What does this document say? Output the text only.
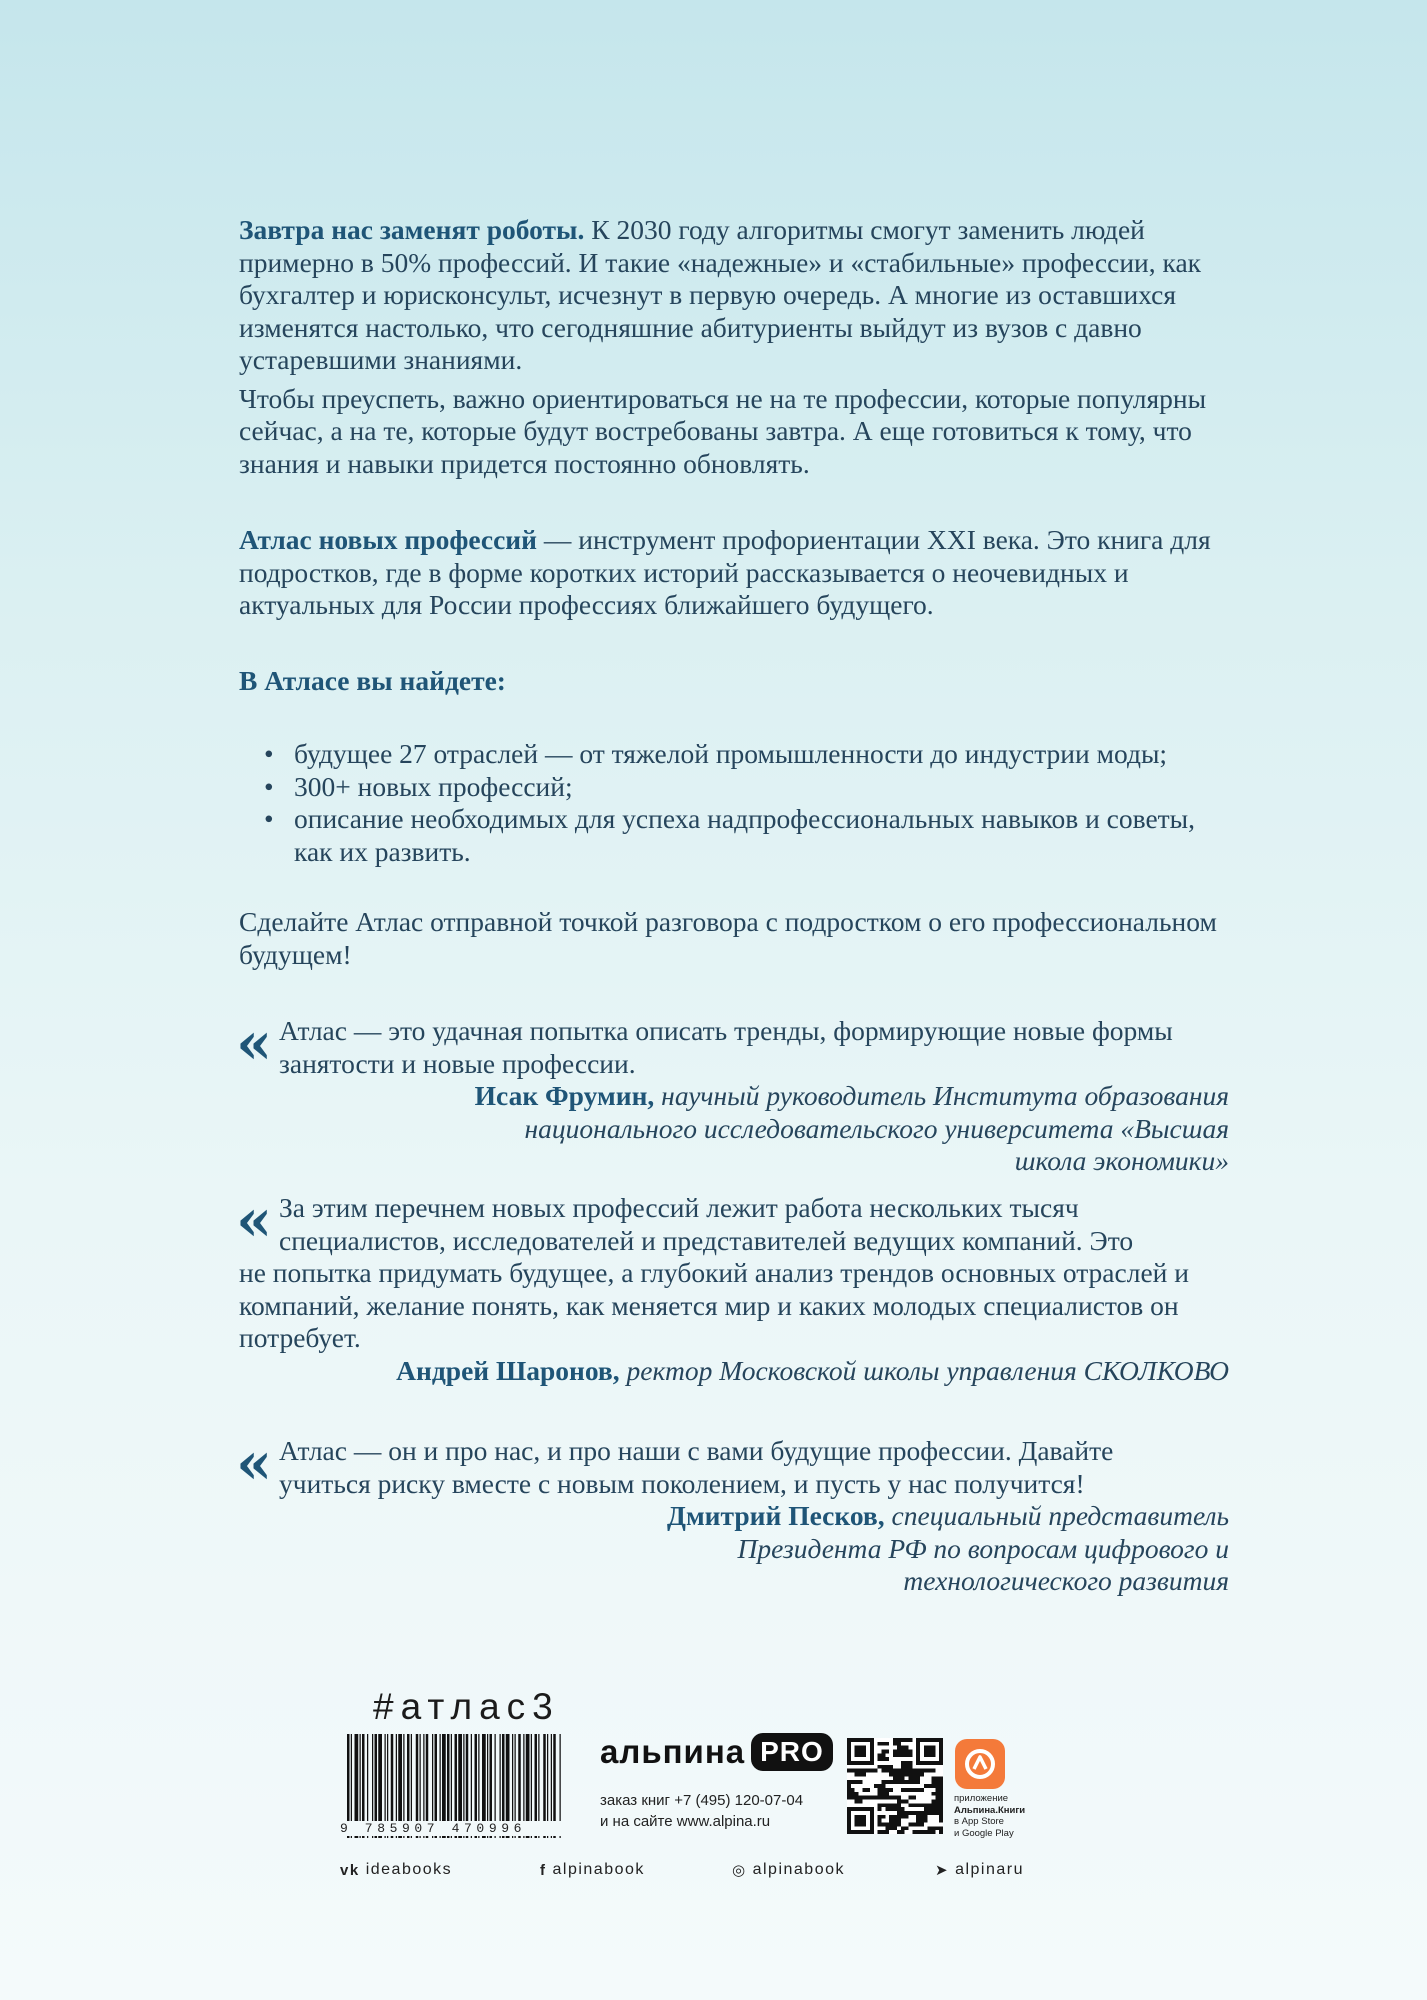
Завтра нас заменят роботы. К 2030 году алгоритмы смогут заменить людей примерно в 50% профессий. И такие «надежные» и «стабильные» профессии, как бухгалтер и юрисконсульт, исчезнут в первую очередь. А многие из оставшихся изменятся настолько, что сегодняшние абитуриенты выйдут из вузов с давно устаревшими знаниями.

Чтобы преуспеть, важно ориентироваться не на те профессии, которые популярны сейчас, а на те, которые будут востребованы завтра. А еще готовиться к тому, что знания и навыки придется постоянно обновлять.

Атлас новых профессий — инструмент профориентации XXI века. Это книга для подростков, где в форме коротких историй рассказывается о неочевидных и актуальных для России профессиях ближайшего будущего.

В Атласе вы найдете:
• будущее 27 отраслей — от тяжелой промышленности до индустрии моды;
• 300+ новых профессий;
• описание необходимых для успеха надпрофессиональных навыков и советы, как их развить.

Сделайте Атлас отправной точкой разговора с подростком о его профессиональном будущем!

« Атлас — это удачная попытка описать тренды, формирующие новые формы
занятости и новые профессии.

Исак Фрумин, научный руководитель Института образования национального исследовательского университета «Высшая школа экономики»

« За этим перечнем новых профессий лежит работа нескольких тысяч
специалистов, исследователей и представителей ведущих компаний. Это
не попытка придумать будущее, а глубокий анализ трендов основных отраслей и компаний, желание понять, как меняется мир и каких молодых специалистов он потребует.

Андрей Шаронов, ректор Московской школы управления СКОЛКОВО

« Атлас — он и про нас, и про наши с вами будущие профессии. Давайте
учиться риску вместе с новым поколением, и пусть у нас получится!

Дмитрий Песков, специальный представитель Президента РФ по вопросам цифрового и технологического развития

#атлас3
9 785907 470996
альпина PRO
заказ книг +7 (495) 120-07-04
и на сайте www.alpina.ru
приложение
Альпина.Книги
в App Store
и Google Play
vk ideabooks	f alpinabook	◎ alpinabook	➤ alpinaru
